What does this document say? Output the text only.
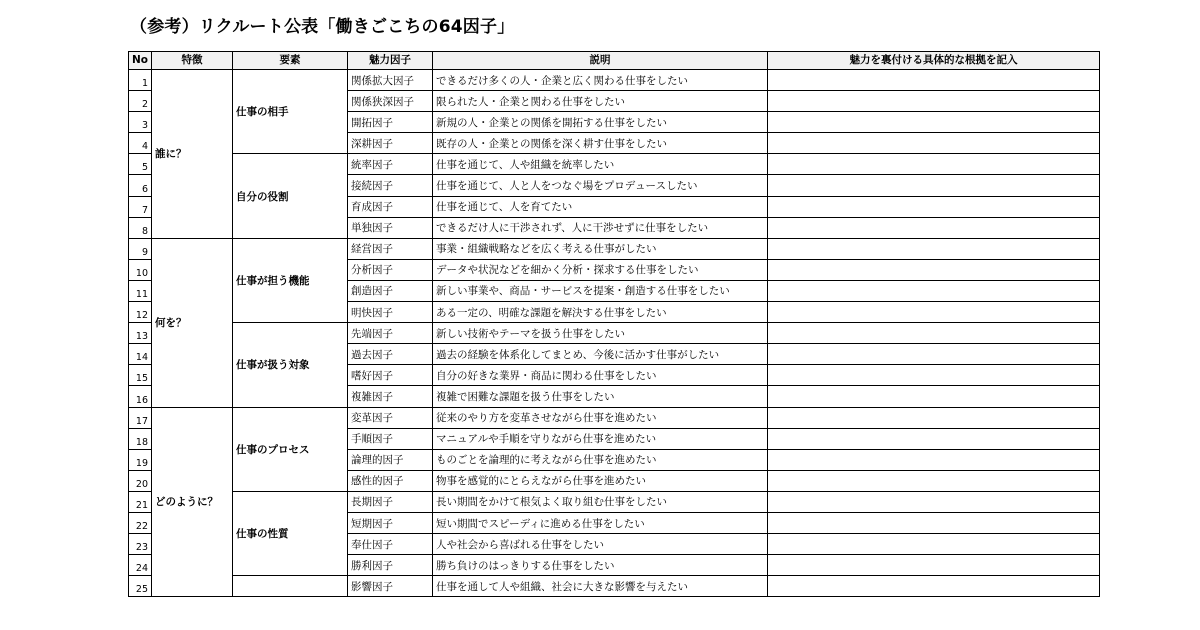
（参考）リクルート公表「働きごこちの64因子」
No	特徴	要素	魅力因子	説明	魅力を裏付ける具体的な根拠を記入
1	誰に？	仕事の相手	関係拡大因子	できるだけ多くの人・企業と広く関わる仕事をしたい	
2			関係狭深因子	限られた人・企業と関わる仕事をしたい	
3			開拓因子	新規の人・企業との関係を開拓する仕事をしたい	
4			深耕因子	既存の人・企業との関係を深く耕す仕事をしたい	
5		自分の役割	統率因子	仕事を通じて、人や組織を統率したい	
6			接続因子	仕事を通じて、人と人をつなぐ場をプロデュースしたい	
7			育成因子	仕事を通じて、人を育てたい	
8			単独因子	できるだけ人に干渉されず、人に干渉せずに仕事をしたい	
9	何を？	仕事が担う機能	経営因子	事業・組織戦略などを広く考える仕事がしたい	
10			分析因子	データや状況などを細かく分析・探求する仕事をしたい	
11			創造因子	新しい事業や、商品・サービスを提案・創造する仕事をしたい	
12			明快因子	ある一定の、明確な課題を解決する仕事をしたい	
13		仕事が扱う対象	先端因子	新しい技術やテーマを扱う仕事をしたい	
14			過去因子	過去の経験を体系化してまとめ、今後に活かす仕事がしたい	
15			嗜好因子	自分の好きな業界・商品に関わる仕事をしたい	
16			複雑因子	複雑で困難な課題を扱う仕事をしたい	
17	どのように？	仕事のプロセス	変革因子	従来のやり方を変革させながら仕事を進めたい	
18			手順因子	マニュアルや手順を守りながら仕事を進めたい	
19			論理的因子	ものごとを論理的に考えながら仕事を進めたい	
20			感性的因子	物事を感覚的にとらえながら仕事を進めたい	
21		仕事の性質	長期因子	長い期間をかけて根気よく取り組む仕事をしたい	
22			短期因子	短い期間でスピーディに進める仕事をしたい	
23			奉仕因子	人や社会から喜ばれる仕事をしたい	
24			勝利因子	勝ち負けのはっきりする仕事をしたい	
25			影響因子	仕事を通して人や組織、社会に大きな影響を与えたい	
